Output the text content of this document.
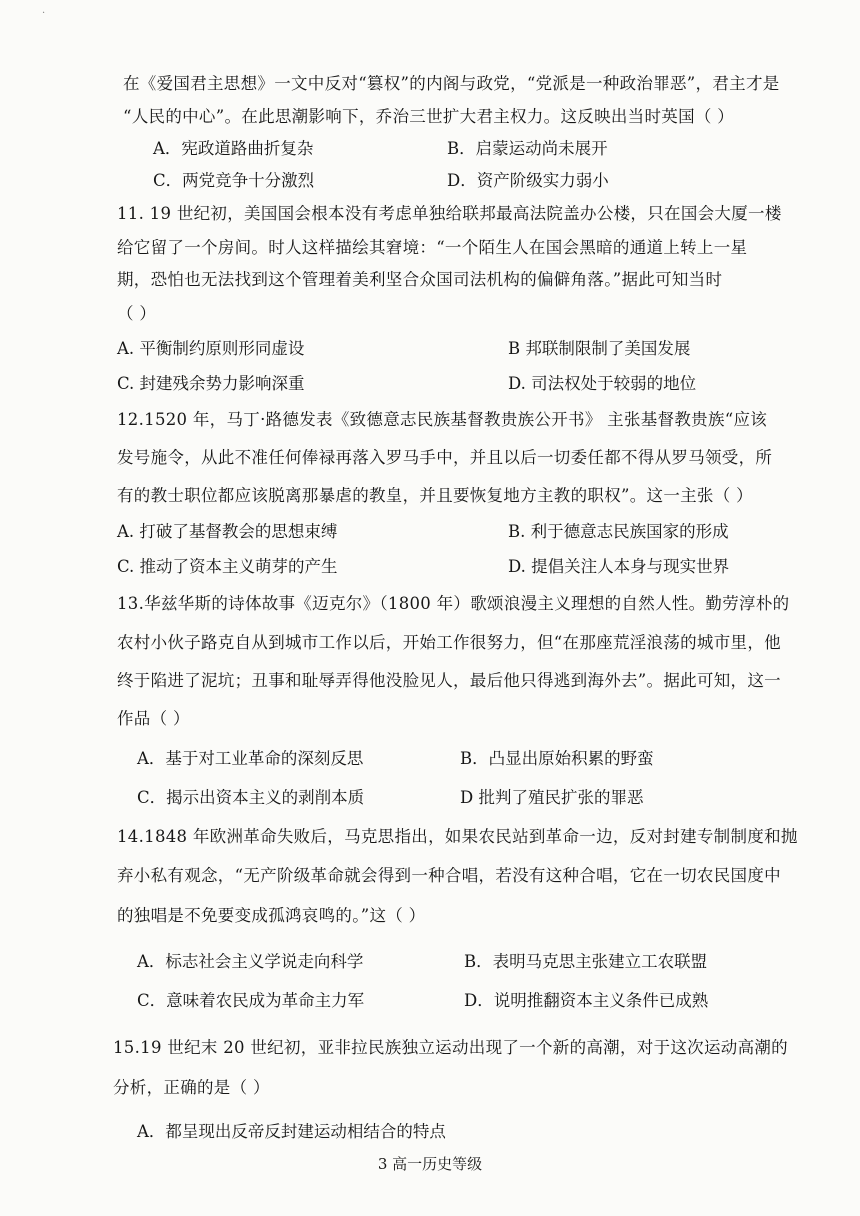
·
在《爱国君主思想》一文中反对“篡权”的内阁与政党，“党派是一种政治罪恶”，君主才是
“人民的中心”。在此思潮影响下，乔治三世扩大君主权力。这反映出当时英国（ ）
A．宪政道路曲折复杂	B．启蒙运动尚未展开
C．两党竞争十分激烈	D．资产阶级实力弱小
11. 19 世纪初，美国国会根本没有考虑单独给联邦最高法院盖办公楼，只在国会大厦一楼
给它留了一个房间。时人这样描绘其窘境：“一个陌生人在国会黑暗的通道上转上一星
期，恐怕也无法找到这个管理着美利坚合众国司法机构的偏僻角落。”据此可知当时
（ ）
A. 平衡制约原则形同虚设	B 邦联制限制了美国发展
C. 封建残余势力影响深重	D. 司法权处于较弱的地位
12.1520 年，马丁·路德发表《致德意志民族基督教贵族公开书》 主张基督教贵族“应该
发号施令，从此不准任何俸禄再落入罗马手中，并且以后一切委任都不得从罗马领受，所
有的教士职位都应该脱离那暴虐的教皇，并且要恢复地方主教的职权”。这一主张（ ）
A. 打破了基督教会的思想束缚	B. 利于德意志民族国家的形成
C. 推动了资本主义萌芽的产生	D. 提倡关注人本身与现实世界
13.华兹华斯的诗体故事《迈克尔》（1800 年）歌颂浪漫主义理想的自然人性。勤劳淳朴的
农村小伙子路克自从到城市工作以后，开始工作很努力，但“在那座荒淫浪荡的城市里，他
终于陷进了泥坑；丑事和耻辱弄得他没脸见人，最后他只得逃到海外去”。据此可知，这一
作品（ ）
A．基于对工业革命的深刻反思	B．凸显出原始积累的野蛮
C．揭示出资本主义的剥削本质	D 批判了殖民扩张的罪恶
14.1848 年欧洲革命失败后，马克思指出，如果农民站到革命一边，反对封建专制制度和抛
弃小私有观念，“无产阶级革命就会得到一种合唱，若没有这种合唱，它在一切农民国度中
的独唱是不免要变成孤鸿哀鸣的。”这（ ）
A．标志社会主义学说走向科学	B．表明马克思主张建立工农联盟
C．意味着农民成为革命主力军	D．说明推翻资本主义条件已成熟
15.19 世纪末 20 世纪初，亚非拉民族独立运动出现了一个新的高潮，对于这次运动高潮的
分析，正确的是（ ）
A．都呈现出反帝反封建运动相结合的特点
3 高一历史等级
